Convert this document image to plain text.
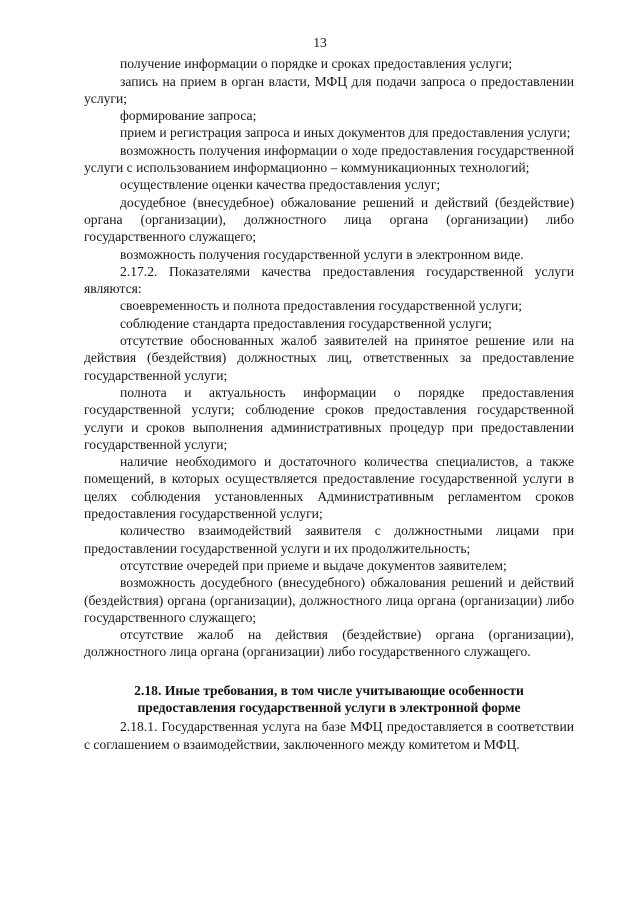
13

получение информации о порядке и сроках предоставления услуги;

запись на прием в орган власти, МФЦ для подачи запроса о предоставлении услуги;

формирование запроса;

прием и регистрация запроса и иных документов для предоставления услуги;

возможность получения информации о ходе предоставления государственной услуги с использованием информационно – коммуникационных технологий;

осуществление оценки качества предоставления услуг;

досудебное (внесудебное) обжалование решений и действий (бездействие) органа (организации), должностного лица органа (организации) либо государственного служащего;

возможность получения государственной услуги в электронном виде.

2.17.2. Показателями качества предоставления государственной услуги являются:

своевременность и полнота предоставления государственной услуги;

соблюдение стандарта предоставления государственной услуги;

отсутствие обоснованных жалоб заявителей на принятое решение или на действия (бездействия) должностных лиц, ответственных за предоставление государственной услуги;

полнота и актуальность информации о порядке предоставления государственной услуги; соблюдение сроков предоставления государственной услуги и сроков выполнения административных процедур при предоставлении государственной услуги;

наличие необходимого и достаточного количества специалистов, а также помещений, в которых осуществляется предоставление государственной услуги в целях соблюдения установленных Административным регламентом сроков предоставления государственной услуги;

количество взаимодействий заявителя с должностными лицами при предоставлении государственной услуги и их продолжительность;

отсутствие очередей при приеме и выдаче документов заявителем;

возможность досудебного (внесудебного) обжалования решений и действий (бездействия) органа (организации), должностного лица органа (организации) либо государственного служащего;

отсутствие жалоб на действия (бездействие) органа (организации), должностного лица органа (организации) либо государственного служащего.

2.18. Иные требования, в том числе учитывающие особенности
предоставления государственной услуги в электронной форме

2.18.1. Государственная услуга на базе МФЦ предоставляется в соответствии с соглашением о взаимодействии, заключенного между комитетом и МФЦ.
